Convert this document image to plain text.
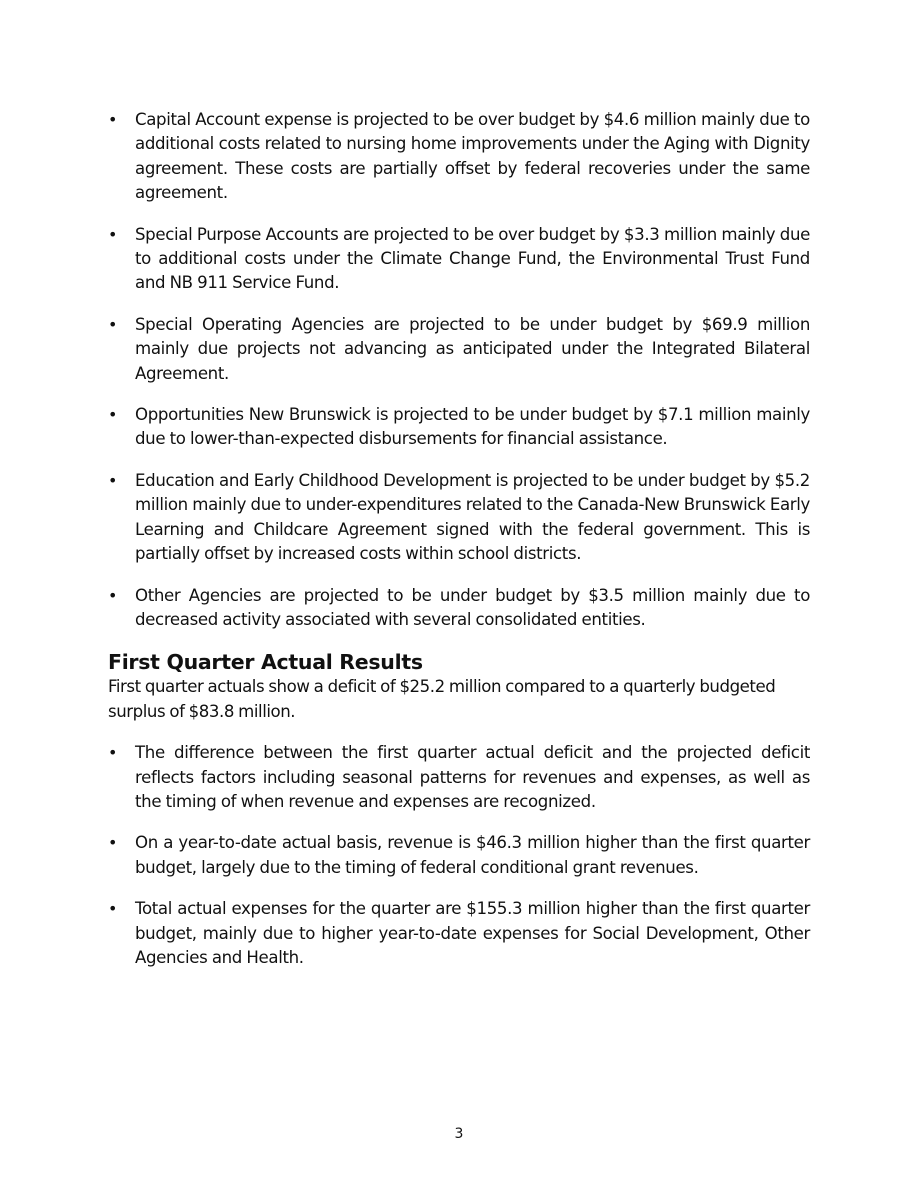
• Capital Account expense is projected to be over budget by $4.6 million mainly due to additional costs related to nursing home improvements under the Aging with Dignity agreement. These costs are partially offset by federal recoveries under the same agreement.
• Special Purpose Accounts are projected to be over budget by $3.3 million mainly due to additional costs under the Climate Change Fund, the Environmental Trust Fund and NB 911 Service Fund.
• Special Operating Agencies are projected to be under budget by $69.9 million mainly due projects not advancing as anticipated under the Integrated Bilateral Agreement.
• Opportunities New Brunswick is projected to be under budget by $7.1 million mainly due to lower-than-expected disbursements for financial assistance.
• Education and Early Childhood Development is projected to be under budget by $5.2 million mainly due to under-expenditures related to the Canada-New Brunswick Early Learning and Childcare Agreement signed with the federal government. This is partially offset by increased costs within school districts.
• Other Agencies are projected to be under budget by $3.5 million mainly due to decreased activity associated with several consolidated entities.
First Quarter Actual Results

First quarter actuals show a deficit of $25.2 million compared to a quarterly budgeted surplus of $83.8 million.

• The difference between the first quarter actual deficit and the projected deficit reflects factors including seasonal patterns for revenues and expenses, as well as the timing of when revenue and expenses are recognized.
• On a year-to-date actual basis, revenue is $46.3 million higher than the first quarter budget, largely due to the timing of federal conditional grant revenues.
• Total actual expenses for the quarter are $155.3 million higher than the first quarter budget, mainly due to higher year-to-date expenses for Social Development, Other Agencies and Health.
3
